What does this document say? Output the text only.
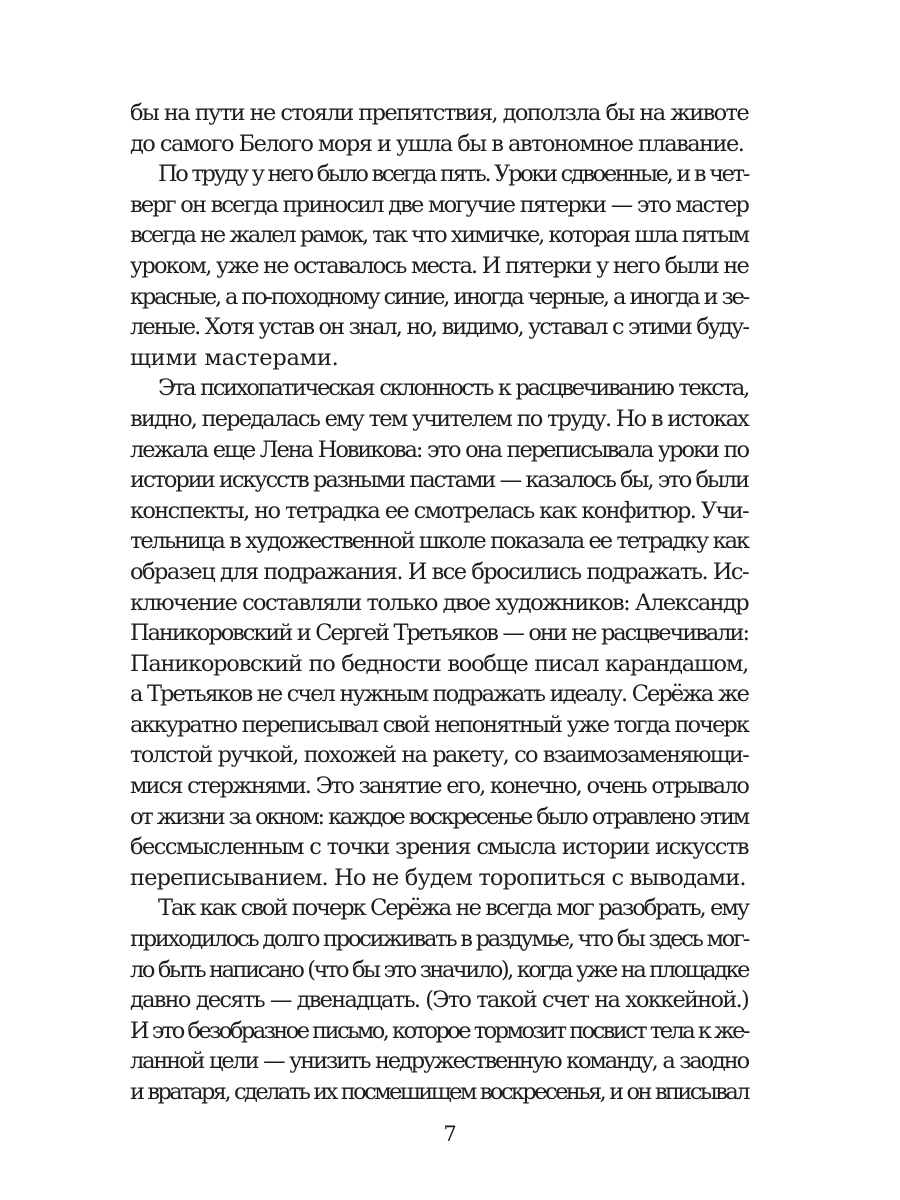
бы на пути не стояли препятствия, доползла бы на животе
до самого Белого моря и ушла бы в автономное плавание.
По труду у него было всегда пять. Уроки сдвоенные, и в чет-
верг он всегда приносил две могучие пятерки — это мастер
всегда не жалел рамок, так что химичке, которая шла пятым
уроком, уже не оставалось места. И пятерки у него были не
красные, а по-походному синие, иногда черные, а иногда и зе-
леные. Хотя устав он знал, но, видимо, уставал с этими буду-
щими мастерами.
Эта психопатическая склонность к расцвечиванию текста,
видно, передалась ему тем учителем по труду. Но в истоках
лежала еще Лена Новикова: это она переписывала уроки по
истории искусств разными пастами — казалось бы, это были
конспекты, но тетрадка ее смотрелась как конфитюр. Учи-
тельница в художественной школе показала ее тетрадку как
образец для подражания. И все бросились подражать. Ис-
ключение составляли только двое художников: Александр
Паникоровский и Сергей Третьяков — они не расцвечивали:
Паникоровский по бедности вообще писал карандашом,
а Третьяков не счел нужным подражать идеалу. Серёжа же
аккуратно переписывал свой непонятный уже тогда почерк
толстой ручкой, похожей на ракету, со взаимозаменяющи-
мися стержнями. Это занятие его, конечно, очень отрывало
от жизни за окном: каждое воскресенье было отравлено этим
бессмысленным с точки зрения смысла истории искусств
переписыванием. Но не будем торопиться с выводами.
Так как свой почерк Серёжа не всегда мог разобрать, ему
приходилось долго просиживать в раздумье, что бы здесь мог-
ло быть написано (что бы это значило), когда уже на площадке
давно десять — двенадцать. (Это такой счет на хоккейной.)
И это безобразное письмо, которое тормозит посвист тела к же-
ланной цели — унизить недружественную команду, а заодно
и вратаря, сделать их посмешищем воскресенья, и он вписывал
7
